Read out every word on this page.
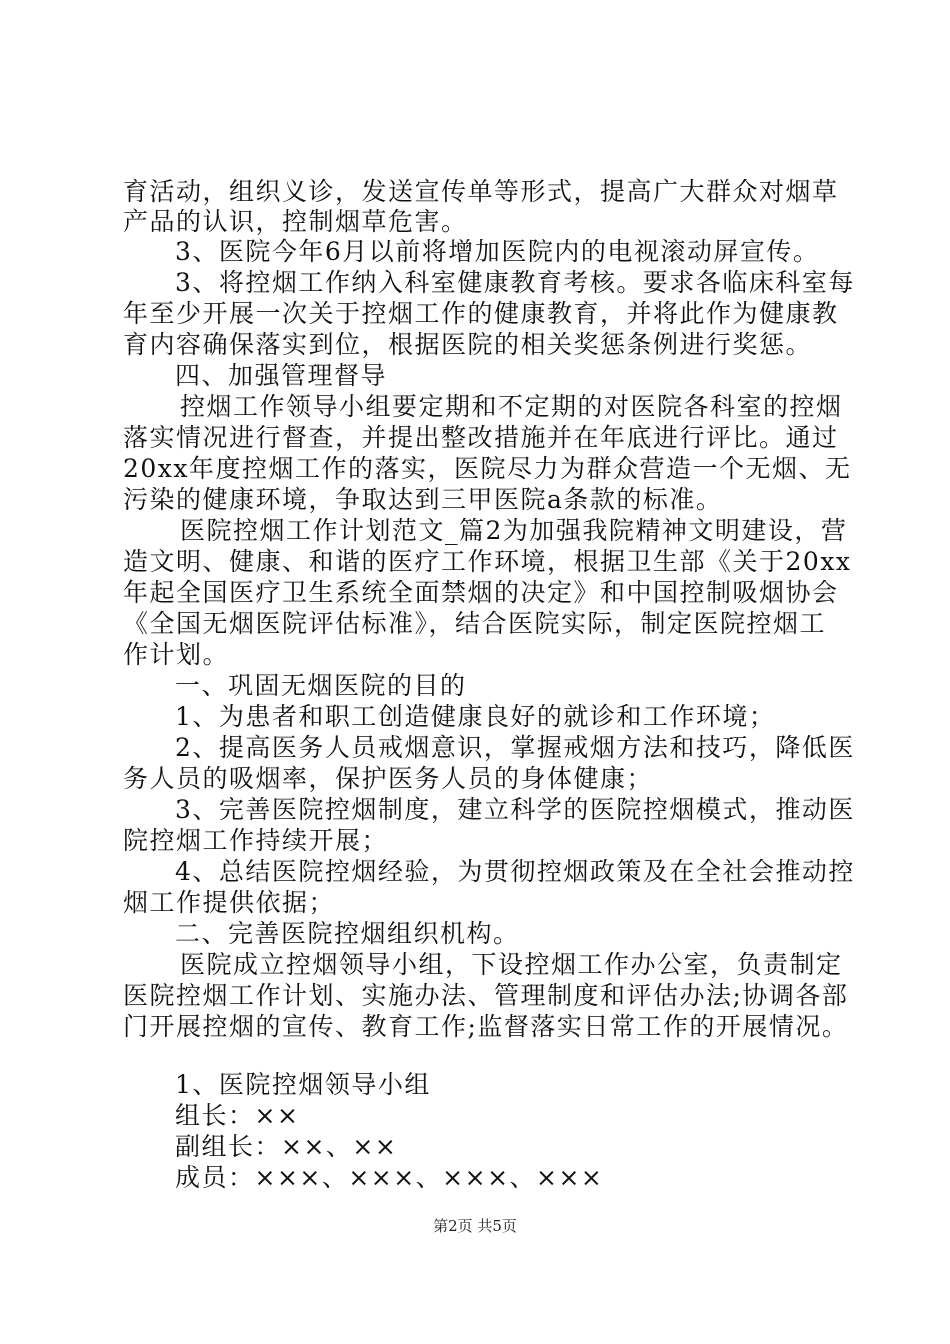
育活动，组织义诊，发送宣传单等形式，提高广大群众对烟草
产品的认识，控制烟草危害。
3、医院今年6月以前将增加医院内的电视滚动屏宣传。
3、将控烟工作纳入科室健康教育考核。要求各临床科室每
年至少开展一次关于控烟工作的健康教育，并将此作为健康教
育内容确保落实到位，根据医院的相关奖惩条例进行奖惩。
四、加强管理督导
控烟工作领导小组要定期和不定期的对医院各科室的控烟
落实情况进行督查，并提出整改措施并在年底进行评比。通过
20xx年度控烟工作的落实，医院尽力为群众营造一个无烟、无
污染的健康环境，争取达到三甲医院a条款的标准。
医院控烟工作计划范文_篇2为加强我院精神文明建设，营
造文明、健康、和谐的医疗工作环境，根据卫生部《关于20xx
年起全国医疗卫生系统全面禁烟的决定》和中国控制吸烟协会
《全国无烟医院评估标准》，结合医院实际，制定医院控烟工
作计划。
一、巩固无烟医院的目的
1、为患者和职工创造健康良好的就诊和工作环境；
2、提高医务人员戒烟意识，掌握戒烟方法和技巧，降低医
务人员的吸烟率，保护医务人员的身体健康；
3、完善医院控烟制度，建立科学的医院控烟模式，推动医
院控烟工作持续开展；
4、总结医院控烟经验，为贯彻控烟政策及在全社会推动控
烟工作提供依据；
二、完善医院控烟组织机构。
医院成立控烟领导小组，下设控烟工作办公室，负责制定
医院控烟工作计划、实施办法、管理制度和评估办法;协调各部
门开展控烟的宣传、教育工作;监督落实日常工作的开展情况。
1、医院控烟领导小组
组长：××
副组长：××、××
成员：×××、×××、×××、×××
第2页 共5页
